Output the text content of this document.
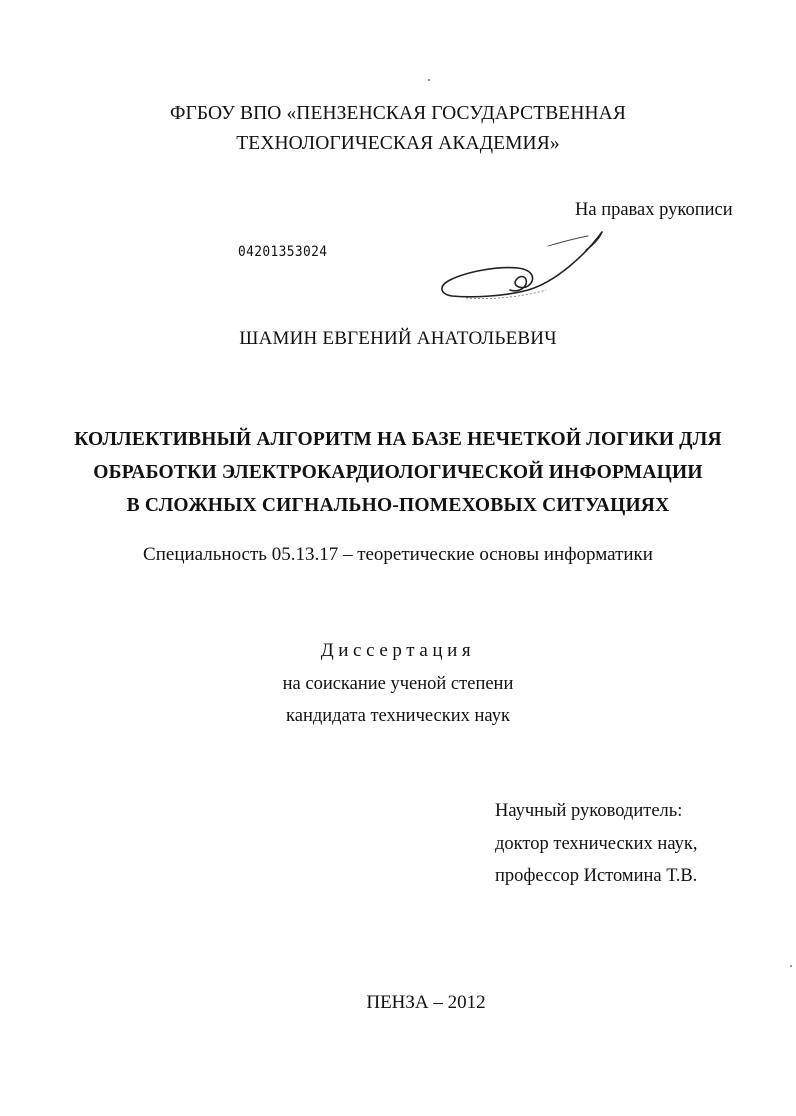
ФГБОУ ВПО «ПЕНЗЕНСКАЯ ГОСУДАРСТВЕННАЯ
ТЕХНОЛОГИЧЕСКАЯ АКАДЕМИЯ»
На правах рукописи
04201353024
ШАМИН ЕВГЕНИЙ АНАТОЛЬЕВИЧ
КОЛЛЕКТИВНЫЙ АЛГОРИТМ НА БАЗЕ НЕЧЕТКОЙ ЛОГИКИ ДЛЯ
ОБРАБОТКИ ЭЛЕКТРОКАРДИОЛОГИЧЕСКОЙ ИНФОРМАЦИИ
В СЛОЖНЫХ СИГНАЛЬНО-ПОМЕХОВЫХ СИТУАЦИЯХ
Специальность 05.13.17 – теоретические основы информатики
Диссертация
на соискание ученой степени
кандидата технических наук
Научный руководитель:
доктор технических наук,
профессор Истомина Т.В.
ПЕНЗА – 2012
